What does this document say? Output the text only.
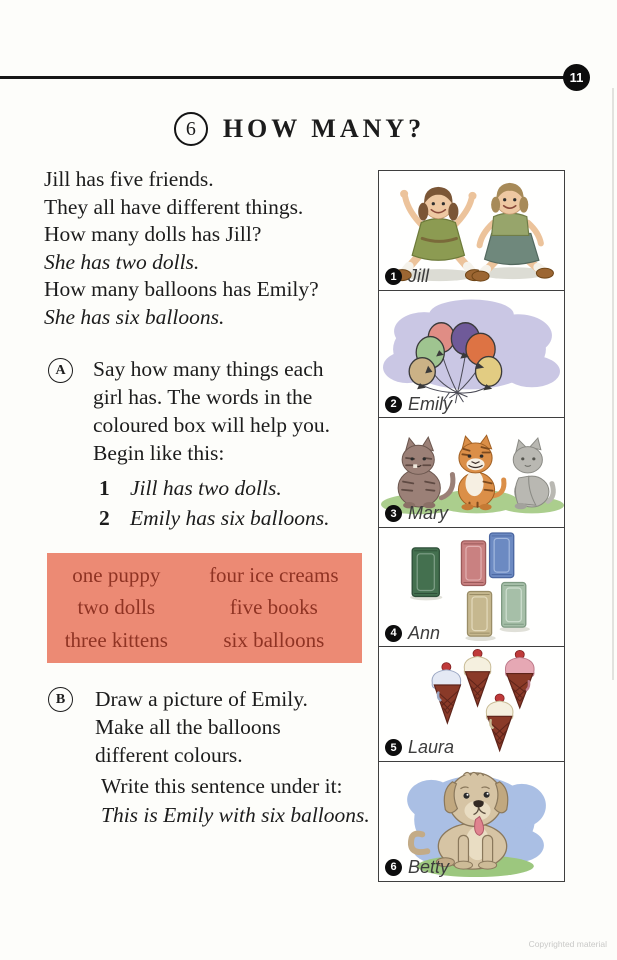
11
6	HOW MANY?
Jill has five friends.
They all have different things.
How many dolls has Jill?
She has two dolls.
How many balloons has Emily?
She has six balloons.
A	Say how many things each
girl has. The words in the
coloured box will help you.
Begin like this:
1 Jill has two dolls.
2 Emily has six balloons.
one puppy	four ice creams
two dolls	five books
three kittens	six balloons
B	Draw a picture of Emily.
Make all the balloons
different colours.
Write this sentence under it:
This is Emily with six balloons.
1 Jill
2 Emily
3 Mary
4 Ann
5 Laura
6 Betty
Copyrighted material
